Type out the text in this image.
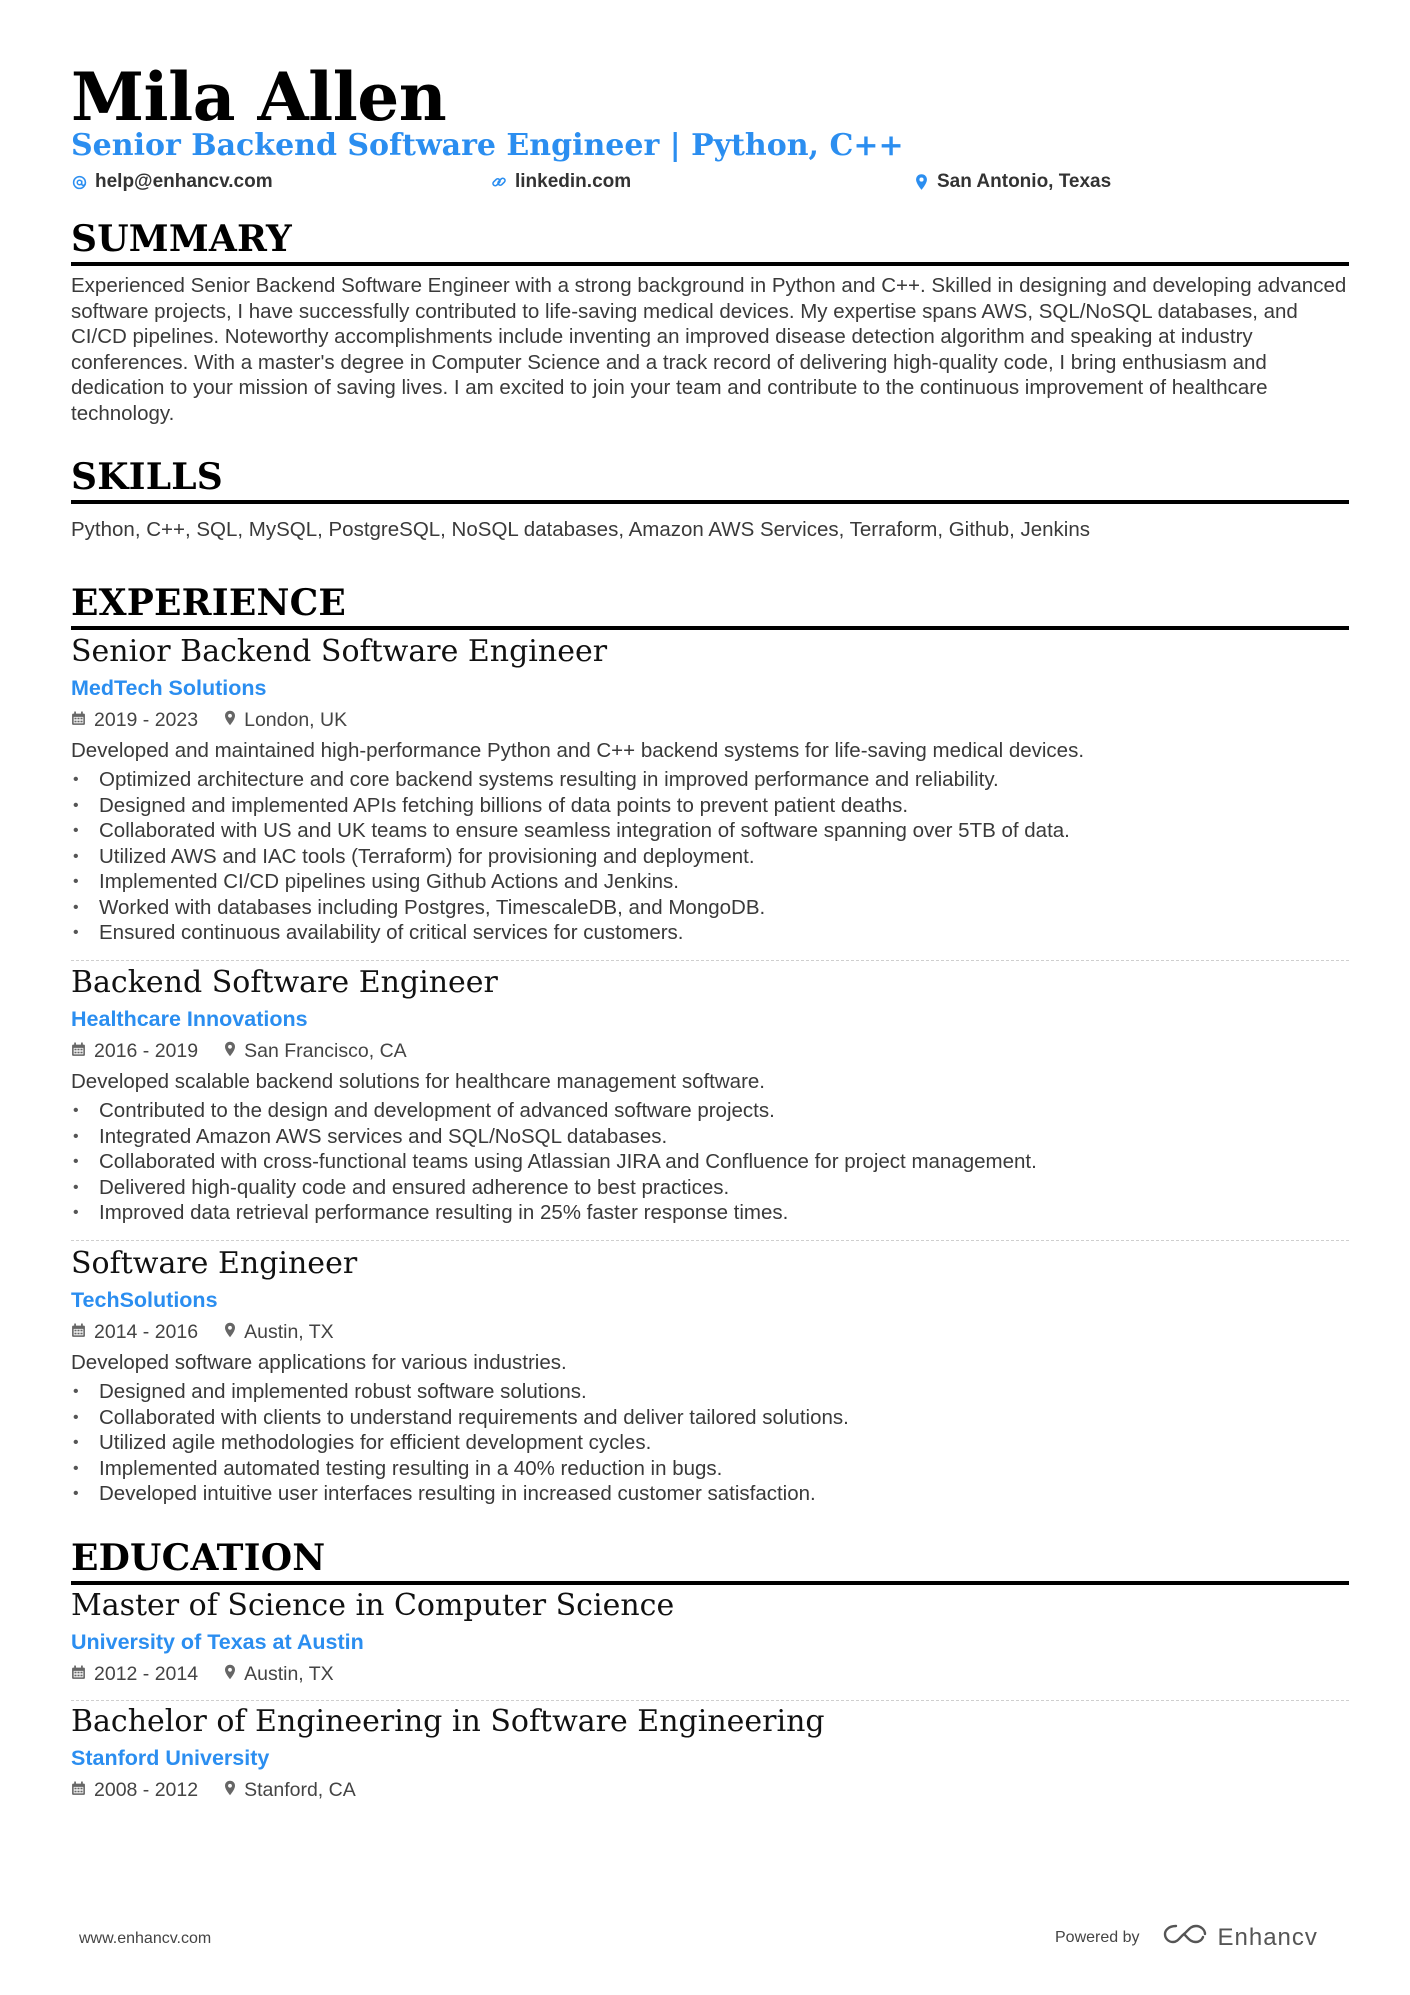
Mila Allen
Senior Backend Software Engineer | Python, C++
help@enhancv.com	linkedin.com	San Antonio, Texas
SUMMARY

Experienced Senior Backend Software Engineer with a strong background in Python and C++. Skilled in designing and developing advanced software projects, I have successfully contributed to life-saving medical devices. My expertise spans AWS, SQL/NoSQL databases, and CI/CD pipelines. Noteworthy accomplishments include inventing an improved disease detection algorithm and speaking at industry conferences. With a master's degree in Computer Science and a track record of delivering high-quality code, I bring enthusiasm and dedication to your mission of saving lives. I am excited to join your team and contribute to the continuous improvement of healthcare technology.

SKILLS

Python, C++, SQL, MySQL, PostgreSQL, NoSQL databases, Amazon AWS Services, Terraform, Github, Jenkins

EXPERIENCE
Senior Backend Software Engineer
MedTech Solutions
2019 - 2023 London, UK

Developed and maintained high-performance Python and C++ backend systems for life-saving medical devices.

• Optimized architecture and core backend systems resulting in improved performance and reliability.
• Designed and implemented APIs fetching billions of data points to prevent patient deaths.
• Collaborated with US and UK teams to ensure seamless integration of software spanning over 5TB of data.
• Utilized AWS and IAC tools (Terraform) for provisioning and deployment.
• Implemented CI/CD pipelines using Github Actions and Jenkins.
• Worked with databases including Postgres, TimescaleDB, and MongoDB.
• Ensured continuous availability of critical services for customers.
Backend Software Engineer
Healthcare Innovations
2016 - 2019 San Francisco, CA

Developed scalable backend solutions for healthcare management software.

• Contributed to the design and development of advanced software projects.
• Integrated Amazon AWS services and SQL/NoSQL databases.
• Collaborated with cross-functional teams using Atlassian JIRA and Confluence for project management.
• Delivered high-quality code and ensured adherence to best practices.
• Improved data retrieval performance resulting in 25% faster response times.
Software Engineer
TechSolutions
2014 - 2016 Austin, TX

Developed software applications for various industries.

• Designed and implemented robust software solutions.
• Collaborated with clients to understand requirements and deliver tailored solutions.
• Utilized agile methodologies for efficient development cycles.
• Implemented automated testing resulting in a 40% reduction in bugs.
• Developed intuitive user interfaces resulting in increased customer satisfaction.
EDUCATION
Master of Science in Computer Science
University of Texas at Austin
2012 - 2014 Austin, TX
Bachelor of Engineering in Software Engineering
Stanford University
2008 - 2012 Stanford, CA
www.enhancv.com	Powered by	Enhancv
